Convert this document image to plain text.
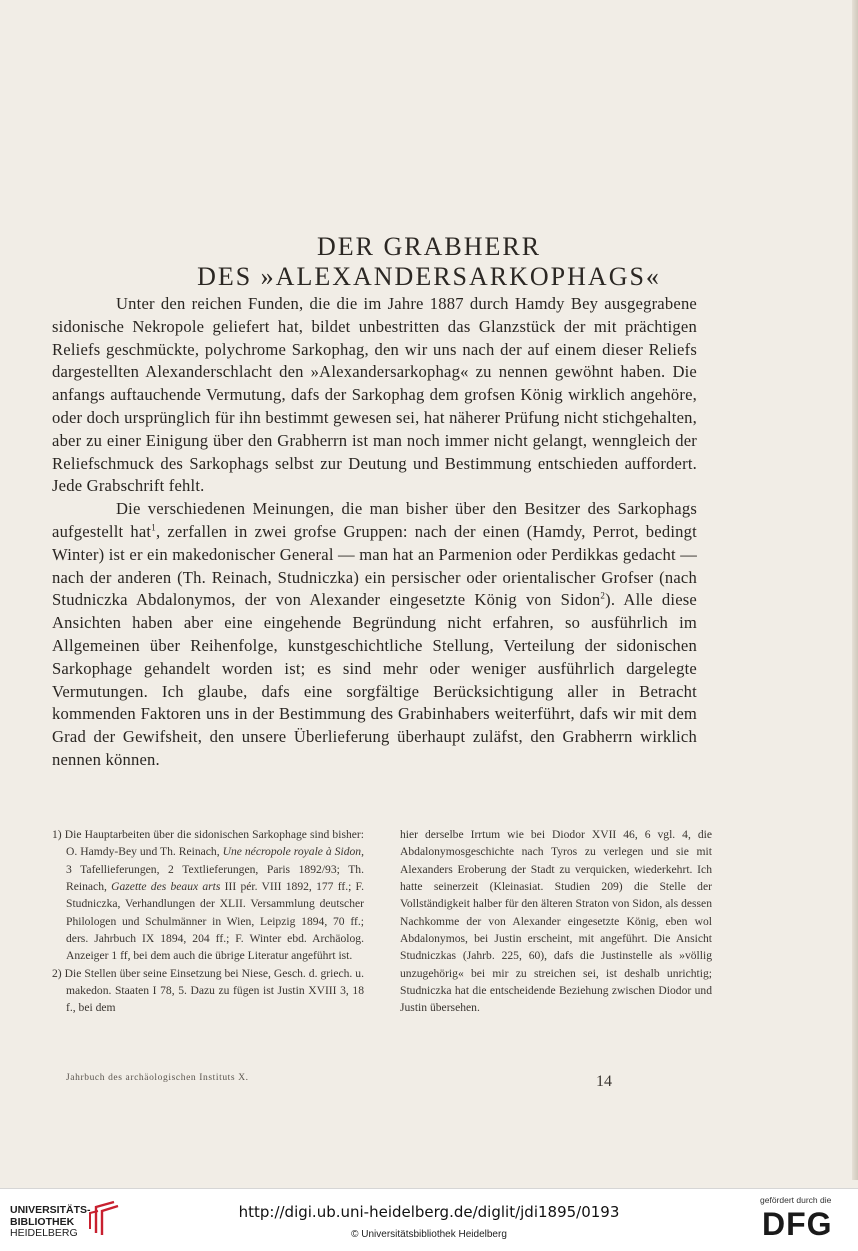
DER GRABHERR
DES »ALEXANDERSARKOPHAGS«

Unter den reichen Funden, die die im Jahre 1887 durch Hamdy Bey ausgegrabene sidonische Nekropole geliefert hat, bildet unbestritten das Glanzstück der mit prächtigen Reliefs geschmückte, polychrome Sarkophag, den wir uns nach der auf einem dieser Reliefs dargestellten Alexanderschlacht den »Alexandersarkophag« zu nennen gewöhnt haben. Die anfangs auftauchende Vermutung, dafs der Sarkophag dem grofsen König wirklich angehöre, oder doch ursprünglich für ihn bestimmt gewesen sei, hat näherer Prüfung nicht stichgehalten, aber zu einer Einigung über den Grabherrn ist man noch immer nicht gelangt, wenngleich der Reliefschmuck des Sarkophags selbst zur Deutung und Bestimmung entschieden auffordert. Jede Grabschrift fehlt.

Die verschiedenen Meinungen, die man bisher über den Besitzer des Sarkophags aufgestellt hat$^1$, zerfallen in zwei grofse Gruppen: nach der einen (Hamdy, Perrot, bedingt Winter) ist er ein makedonischer General — man hat an Parmenion oder Perdikkas gedacht — nach der anderen (Th. Reinach, Studniczka) ein persischer oder orientalischer Grofser (nach Studniczka Abdalonymos, der von Alexander eingesetzte König von Sidon$^2$). Alle diese Ansichten haben aber eine eingehende Begründung nicht erfahren, so ausführlich im Allgemeinen über Reihenfolge, kunstgeschichtliche Stellung, Verteilung der sidonischen Sarkophage gehandelt worden ist; es sind mehr oder weniger ausführlich dargelegte Vermutungen. Ich glaube, dafs eine sorgfältige Berücksichtigung aller in Betracht kommenden Faktoren uns in der Bestimmung des Grabinhabers weiterführt, dafs wir mit dem Grad der Gewifsheit, den unsere Überlieferung überhaupt zuläfst, den Grabherrn wirklich nennen können.

1) Die Hauptarbeiten über die sidonischen Sarkophage sind bisher: O. Hamdy-Bey und Th. Reinach, Une nécropole royale à Sidon, 3 Tafellieferungen, 2 Textlieferungen, Paris 1892/93; Th. Reinach, Gazette des beaux arts III pér. VIII 1892, 177 ff.; F. Studniczka, Verhandlungen der XLII. Versammlung deutscher Philologen und Schulmänner in Wien, Leipzig 1894, 70 ff.; ders. Jahrbuch IX 1894, 204 ff.; F. Winter ebd. Archäolog. Anzeiger 1 ff, bei dem auch die übrige Literatur angeführt ist.

2) Die Stellen über seine Einsetzung bei Niese, Gesch. d. griech. u. makedon. Staaten I 78, 5. Dazu zu fügen ist Justin XVIII 3, 18 f., bei dem

hier derselbe Irrtum wie bei Diodor XVII 46, 6 vgl. 4, die Abdalonymosgeschichte nach Tyros zu verlegen und sie mit Alexanders Eroberung der Stadt zu verquicken, wiederkehrt. Ich hatte seinerzeit (Kleinasiat. Studien 209) die Stelle der Vollständigkeit halber für den älteren Straton von Sidon, als dessen Nachkomme der von Alexander eingesetzte König, eben wol Abdalonymos, bei Justin erscheint, mit angeführt. Die Ansicht Studniczkas (Jahrb. 225, 60), dafs die Justinstelle als »völlig unzugehörig« bei mir zu streichen sei, ist deshalb unrichtig; Studniczka hat die entscheidende Beziehung zwischen Diodor und Justin übersehen.

Jahrbuch des archäologischen Instituts X.	14
UNIVERSITÄTS-
BIBLIOTHEK
HEIDELBERG
http://digi.ub.uni-heidelberg.de/diglit/jdi1895/0193
© Universitätsbibliothek Heidelberg
gefördert durch die
DFG
